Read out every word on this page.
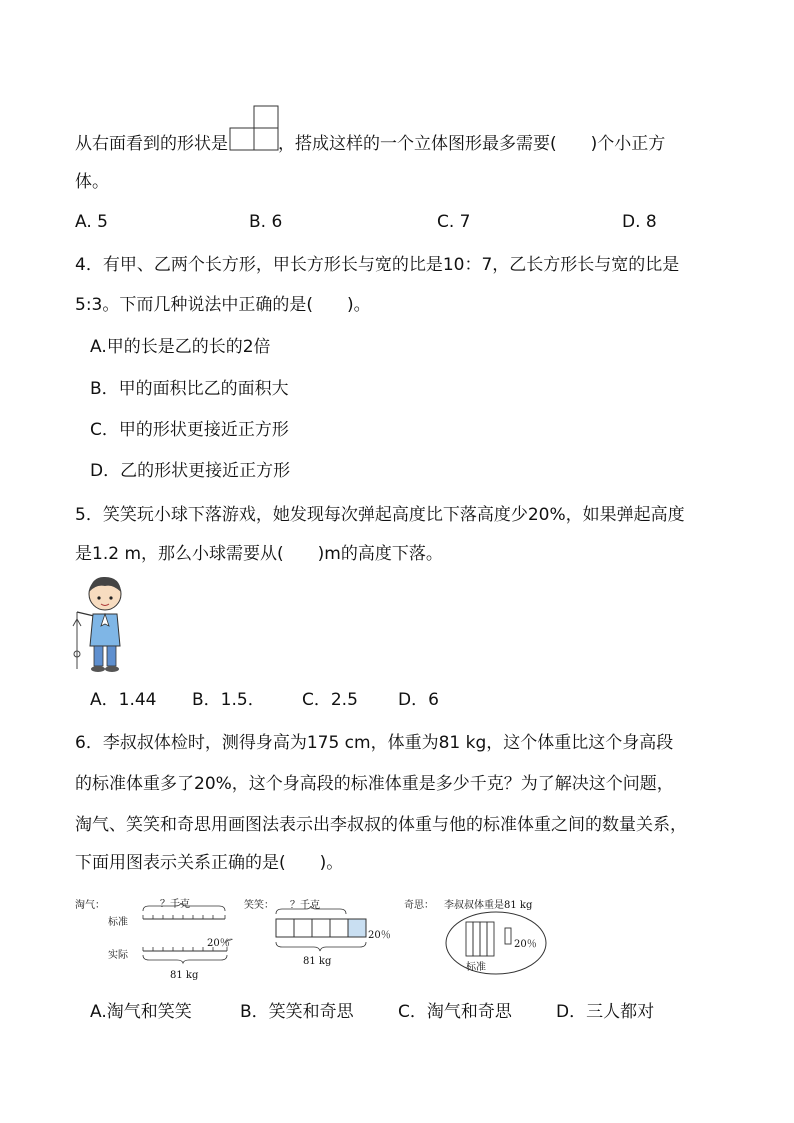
从右面看到的形状是	，搭成这样的一个立体图形最多需要(　　)个小正方
体。
A. 5	B. 6	C. 7	D. 8
4．有甲、乙两个长方形，甲长方形长与宽的比是10：7，乙长方形长与宽的比是
5:3。下而几种说法中正确的是(　　)。
A.甲的长是乙的长的2倍
B．甲的面积比乙的面积大
C．甲的形状更接近正方形
D．乙的形状更接近正方形
5．笑笑玩小球下落游戏，她发现每次弹起高度比下落高度少20%，如果弹起高度
是1.2 m，那么小球需要从(　　)m的高度下落。
A．1.44 B．1.5． C．2.5 D．6
6．李叔叔体检时，测得身高为175 cm，体重为81 kg，这个体重比这个身高段
的标准体重多了20%，这个身高段的标准体重是多少千克？为了解决这个问题，
淘气、笑笑和奇思用画图法表示出李叔叔的体重与他的标准体重之间的数量关系，
下面用图表示关系正确的是(　　)。
淘气：	？千克
标准
实际
20％
81 kg
笑笑： ？千克
20％
81 kg
奇思： 李叔叔体重是81 kg
20％
标准
A.淘气和笑笑	B．笑笑和奇思	C．淘气和奇思	D．三人都对
